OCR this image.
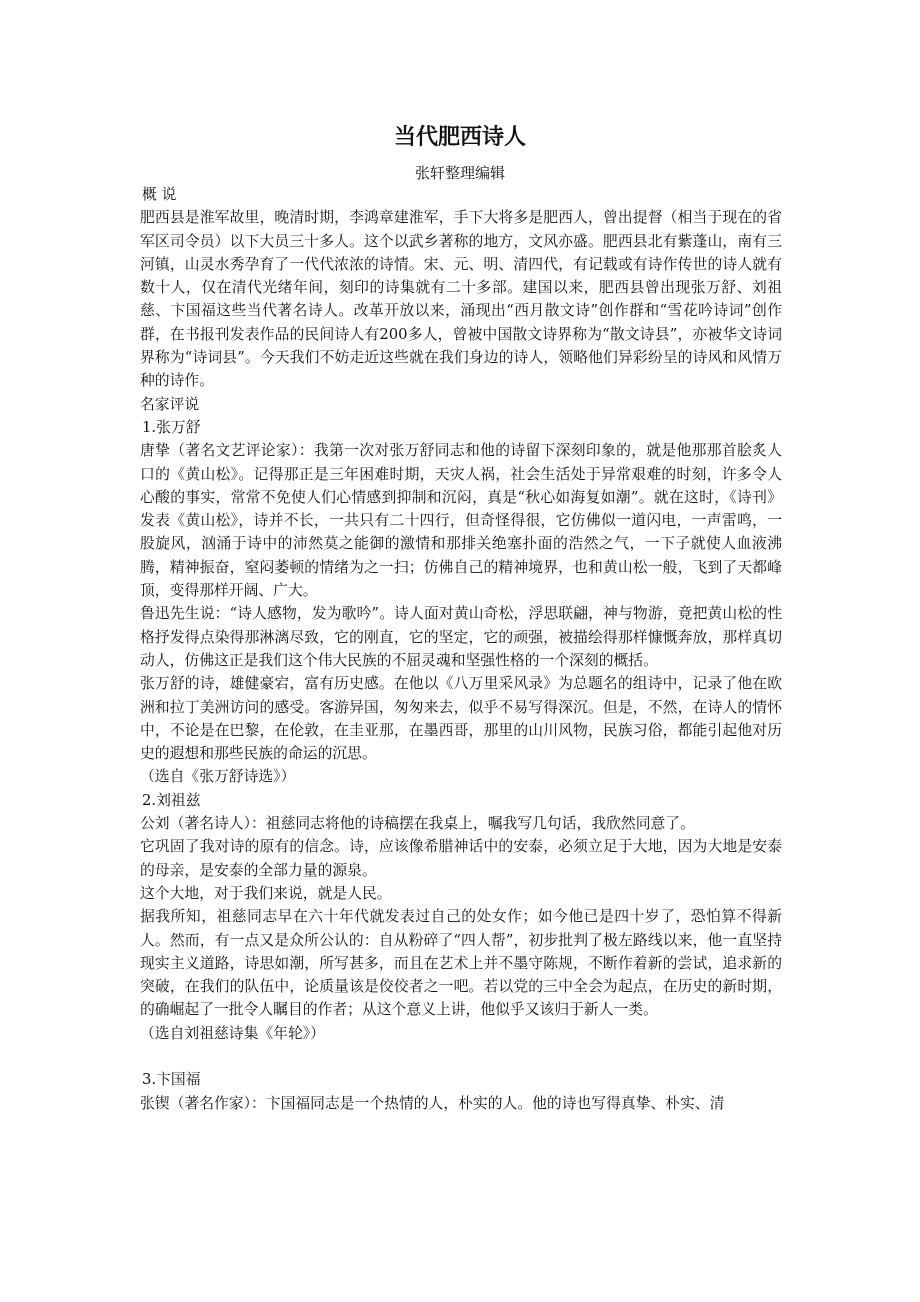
当代肥西诗人
张轩整理编辑

概 说

肥西县是淮军故里，晚清时期，李鸿章建淮军，手下大将多是肥西人，曾出提督（相当于现在的省军区司令员）以下大员三十多人。这个以武乡著称的地方，文风亦盛。肥西县北有紫蓬山，南有三河镇，山灵水秀孕育了一代代浓浓的诗情。宋、元、明、清四代，有记载或有诗作传世的诗人就有数十人，仅在清代光绪年间，刻印的诗集就有二十多部。建国以来，肥西县曾出现张万舒、刘祖慈、卞国福这些当代著名诗人。改革开放以来，涌现出“西月散文诗”创作群和“雪花吟诗词”创作群，在书报刊发表作品的民间诗人有200多人，曾被中国散文诗界称为“散文诗县”，亦被华文诗词界称为“诗词县”。今天我们不妨走近这些就在我们身边的诗人，领略他们异彩纷呈的诗风和风情万种的诗作。

名家评说

1.张万舒

唐挚（著名文艺评论家）：我第一次对张万舒同志和他的诗留下深刻印象的，就是他那那首脍炙人口的《黄山松》。记得那正是三年困难时期，天灾人祸，社会生活处于异常艰难的时刻，许多令人心酸的事实，常常不免使人们心情感到抑制和沉闷，真是“秋心如海复如潮”。就在这时，《诗刊》发表《黄山松》，诗并不长，一共只有二十四行，但奇怪得很，它仿佛似一道闪电，一声雷鸣，一股旋风，汹涌于诗中的沛然莫之能御的激情和那排关绝塞扑面的浩然之气，一下子就使人血液沸腾，精神振奋，窒闷萎顿的情绪为之一扫；仿佛自己的精神境界，也和黄山松一般，飞到了天都峰顶，变得那样开阔、广大。

鲁迅先生说：“诗人感物，发为歌吟”。诗人面对黄山奇松，浮思联翩，神与物游，竟把黄山松的性格抒发得点染得那淋漓尽致，它的刚直，它的坚定，它的顽强，被描绘得那样慷慨奔放，那样真切动人，仿佛这正是我们这个伟大民族的不屈灵魂和坚强性格的一个深刻的概括。

张万舒的诗，雄健豪宕，富有历史感。在他以《八万里采风录》为总题名的组诗中，记录了他在欧洲和拉丁美洲访问的感受。客游异国，匆匆来去，似乎不易写得深沉。但是，不然，在诗人的情怀中，不论是在巴黎，在伦敦，在圭亚那，在墨西哥，那里的山川风物，民族习俗，都能引起他对历史的遐想和那些民族的命运的沉思。

（选自《张万舒诗选》）

2.刘祖兹

公刘（著名诗人）：祖慈同志将他的诗稿摆在我桌上，嘱我写几句话，我欣然同意了。

它巩固了我对诗的原有的信念。诗，应该像希腊神话中的安泰，必须立足于大地，因为大地是安泰的母亲，是安泰的全部力量的源泉。

这个大地，对于我们来说，就是人民。

据我所知，祖慈同志早在六十年代就发表过自己的处女作；如今他已是四十岁了，恐怕算不得新人。然而，有一点又是众所公认的：自从粉碎了“四人帮”，初步批判了极左路线以来，他一直坚持现实主义道路，诗思如潮，所写甚多，而且在艺术上并不墨守陈规，不断作着新的尝试，追求新的突破，在我们的队伍中，论质量该是佼佼者之一吧。若以党的三中全会为起点，在历史的新时期，的确崛起了一批令人瞩目的作者；从这个意义上讲，他似乎又该归于新人一类。

（选自刘祖慈诗集《年轮》）

3.卞国福

张锲（著名作家）：卞国福同志是一个热情的人，朴实的人。他的诗也写得真挚、朴实、清
